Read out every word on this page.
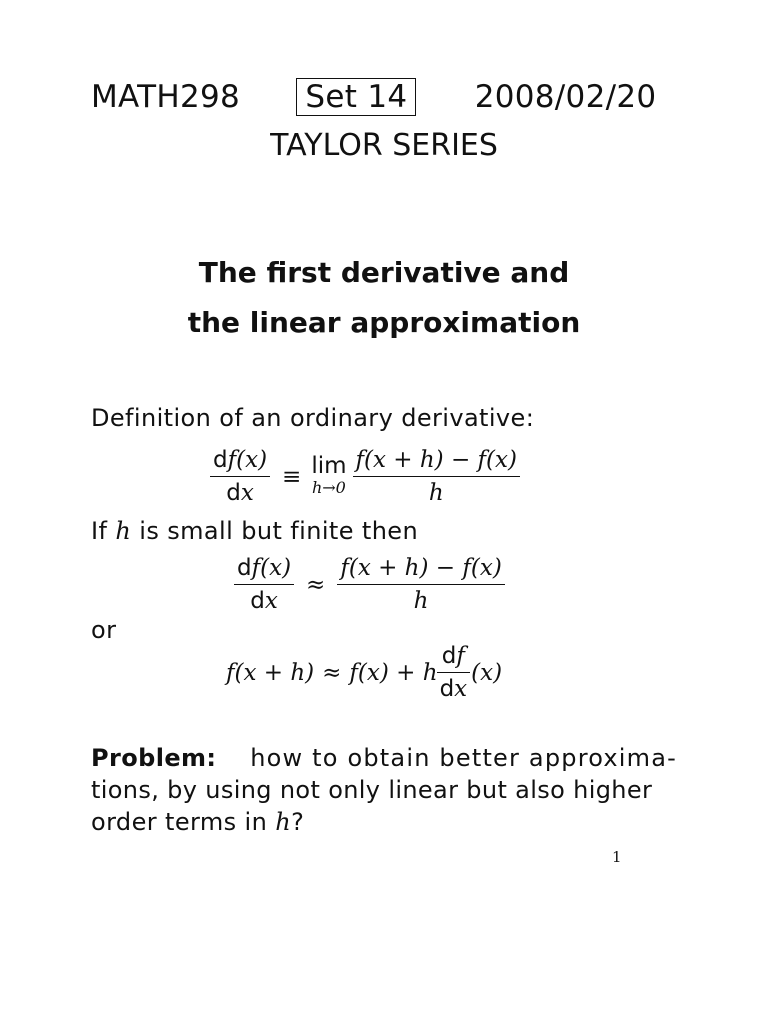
MATH298 Set 14 2008/02/20
TAYLOR SERIES
The first derivative and
the linear approximation
Definition of an ordinary derivative:
$\frac{df(x)}{dx} \equiv \lim$
$h\to 0 \frac{f(x + h) - f(x)}{h}$
If h is small but finite then
$\frac{df(x)}{dx} \approx \frac{f(x + h) - f(x)}{h}$
or
f(x + h) ≈ f(x) + h $\frac{df}{dx} (x)$
Problem: how to obtain better approxima-
tions, by using not only linear but also higher
order terms in h?
1
